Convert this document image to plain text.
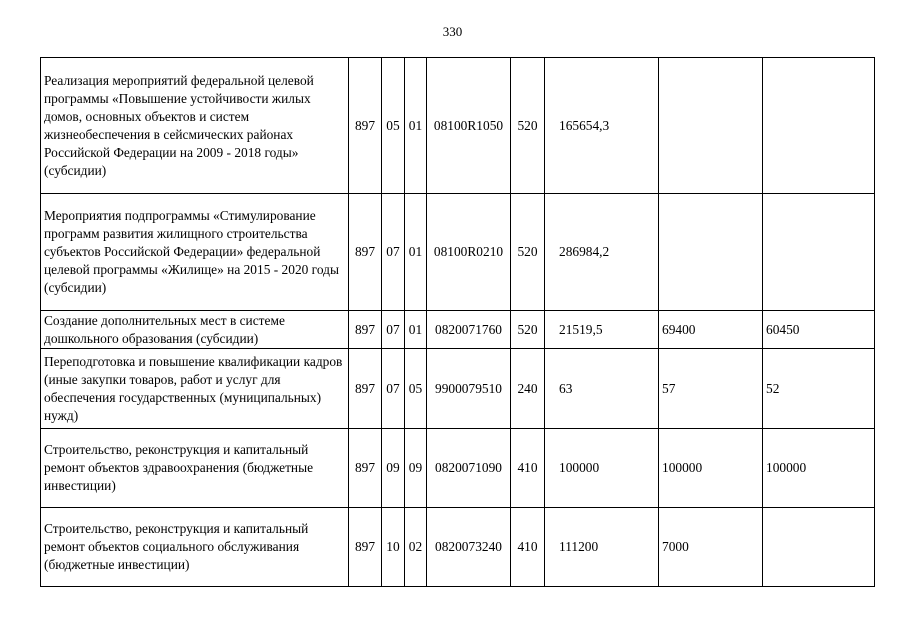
330
Реализация мероприятий федеральной целевой программы «Повышение устойчивости жилых домов, основных объектов и систем жизнеобеспечения в сейсмических районах Российской Федерации на 2009 - 2018 годы» (субсидии)	897	05	01	08100R1050	520	165654,3		
Мероприятия подпрограммы «Стимулирование программ развития жилищного строительства субъектов Российской Федерации» федеральной целевой программы «Жилище» на 2015 - 2020 годы (субсидии)	897	07	01	08100R0210	520	286984,2		
Создание дополнительных мест в системе дошкольного образования (субсидии)	897	07	01	0820071760	520	21519,5	69400	60450
Переподготовка и повышение квалификации кадров (иные закупки товаров, работ и услуг для обеспечения государственных (муниципальных) нужд)	897	07	05	9900079510	240	63	57	52
Строительство, реконструкция и капитальный ремонт объектов здравоохранения (бюджетные инвестиции)	897	09	09	0820071090	410	100000	100000	100000
Строительство, реконструкция и капитальный ремонт объектов социального обслуживания (бюджетные инвестиции)	897	10	02	0820073240	410	111200	7000	
